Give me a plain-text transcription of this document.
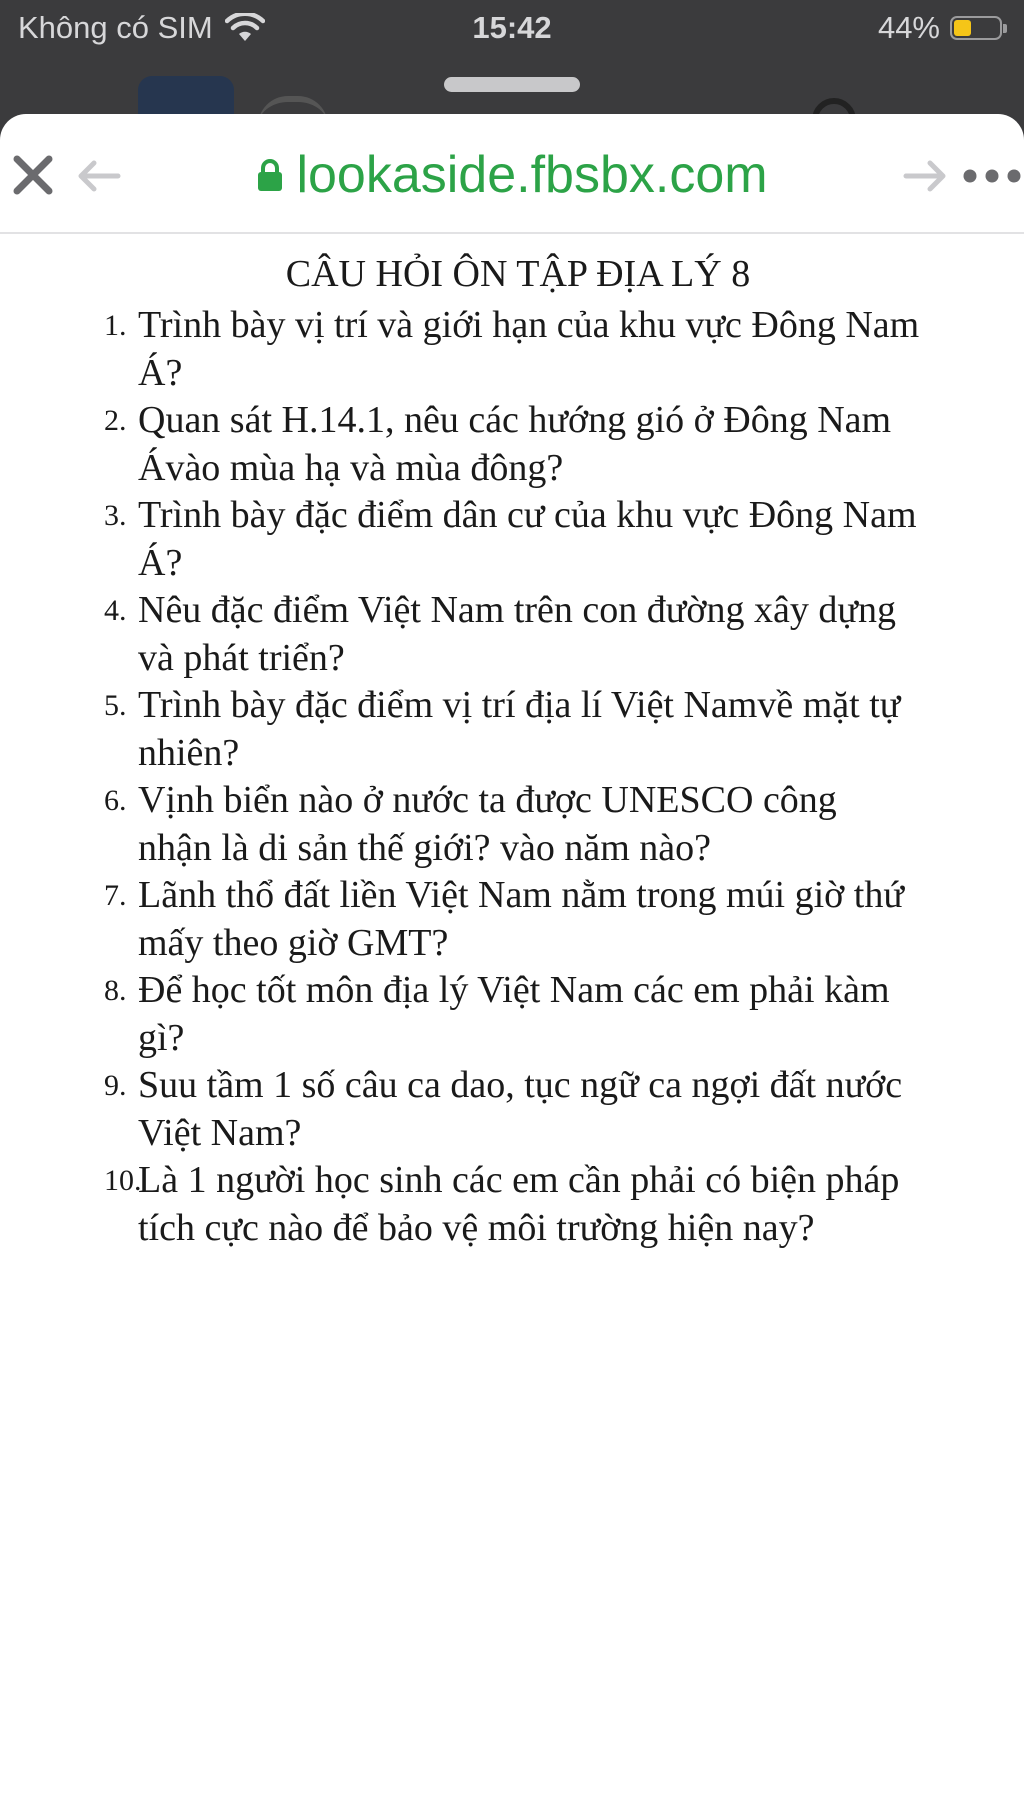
Không có SIM	15:42	44%
lookaside.fbsbx.com
CÂU HỎI ÔN TẬP ĐỊA LÝ 8
1. Trình bày vị trí và giới hạn của khu vực Đông Nam
Á?
2. Quan sát H.14.1, nêu các hướng gió ở Đông Nam
Ávào mùa hạ và mùa đông?
3. Trình bày đặc điểm dân cư của khu vực Đông Nam
Á?
4. Nêu đặc điểm Việt Nam trên con đường xây dựng
và phát triển?
5. Trình bày đặc điểm vị trí địa lí Việt Namvề mặt tự
nhiên?
6. Vịnh biển nào ở nước ta được UNESCO công
nhận là di sản thế giới? vào năm nào?
7. Lãnh thổ đất liền Việt Nam nằm trong múi giờ thứ
mấy theo giờ GMT?
8. Để học tốt môn địa lý Việt Nam các em phải kàm
gì?
9. Suu tầm 1 số câu ca dao, tục ngữ ca ngợi đất nước
Việt Nam?
10.
Là 1 người học sinh các em cần phải có biện pháp
tích cực nào để bảo vệ môi trường hiện nay?
